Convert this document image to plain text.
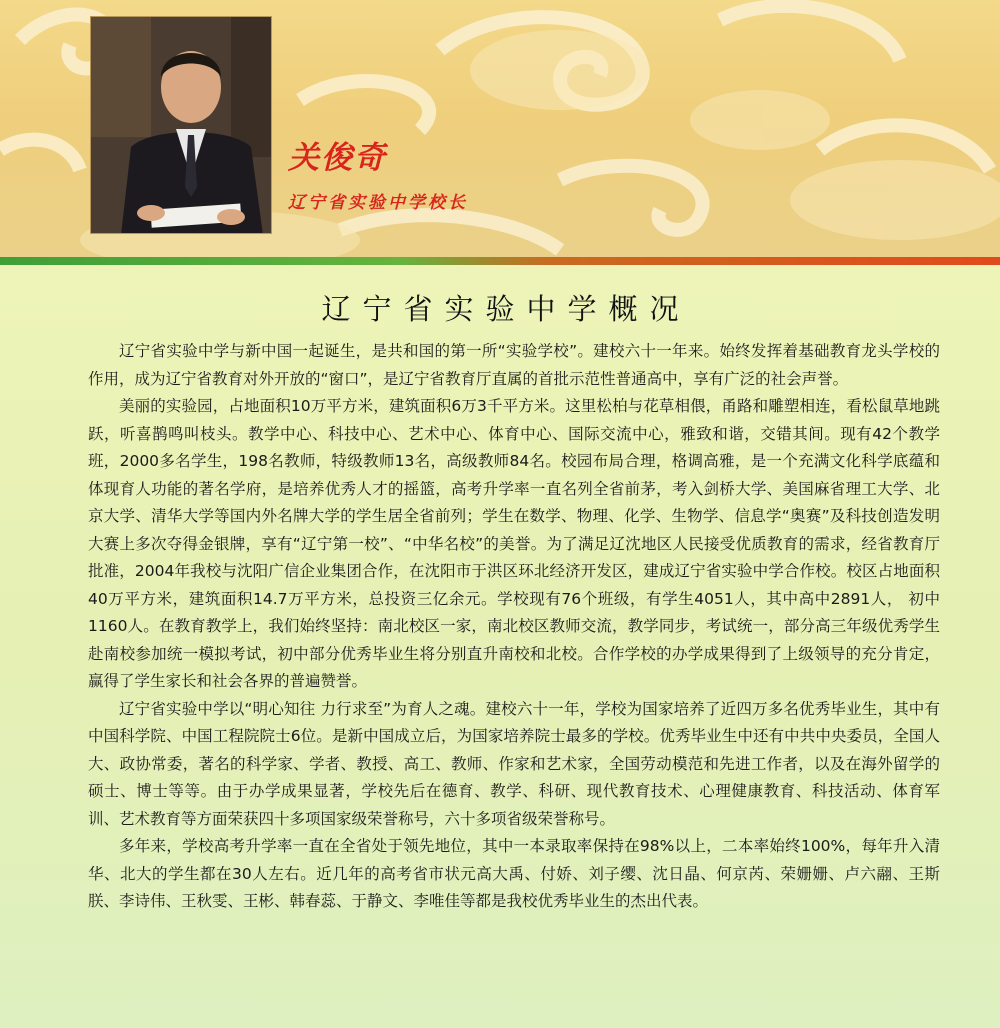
关俊奇
辽宁省实验中学校长
辽宁省实验中学概况

辽宁省实验中学与新中国一起诞生，是共和国的第一所“实验学校”。建校六十一年来。始终发挥着基础教育龙头学校的作用，成为辽宁省教育对外开放的“窗口”，是辽宁省教育厅直属的首批示范性普通高中，享有广泛的社会声誉。

美丽的实验园，占地面积10万平方米，建筑面积6万3千平方米。这里松柏与花草相偎，甬路和雕塑相连，看松鼠草地跳跃，听喜鹊鸣叫枝头。教学中心、科技中心、艺术中心、体育中心、国际交流中心，雅致和谐，交错其间。现有42个教学班，2000多名学生，198名教师，特级教师13名，高级教师84名。校园布局合理，格调高雅，是一个充满文化科学底蕴和体现育人功能的著名学府，是培养优秀人才的摇篮，高考升学率一直名列全省前茅，考入剑桥大学、美国麻省理工大学、北京大学、清华大学等国内外名牌大学的学生居全省前列；学生在数学、物理、化学、生物学、信息学“奥赛”及科技创造发明大赛上多次夺得金银牌，享有“辽宁第一校”、“中华名校”的美誉。为了满足辽沈地区人民接受优质教育的需求，经省教育厅批准，2004年我校与沈阳广信企业集团合作，在沈阳市于洪区环北经济开发区，建成辽宁省实验中学合作校。校区占地面积40万平方米，建筑面积14.7万平方米，总投资三亿余元。学校现有76个班级，有学生4051人，其中高中2891人， 初中1160人。在教育教学上，我们始终坚持：南北校区一家，南北校区教师交流，教学同步，考试统一，部分高三年级优秀学生赴南校参加统一模拟考试，初中部分优秀毕业生将分别直升南校和北校。合作学校的办学成果得到了上级领导的充分肯定，赢得了学生家长和社会各界的普遍赞誉。

辽宁省实验中学以“明心知往 力行求至”为育人之魂。建校六十一年，学校为国家培养了近四万多名优秀毕业生，其中有中国科学院、中国工程院院士6位。是新中国成立后，为国家培养院士最多的学校。优秀毕业生中还有中共中央委员，全国人大、政协常委，著名的科学家、学者、教授、高工、教师、作家和艺术家，全国劳动模范和先进工作者，以及在海外留学的硕士、博士等等。由于办学成果显著，学校先后在德育、教学、科研、现代教育技术、心理健康教育、科技活动、体育军训、艺术教育等方面荣获四十多项国家级荣誉称号，六十多项省级荣誉称号。

多年来，学校高考升学率一直在全省处于领先地位，其中一本录取率保持在98%以上，二本率始终100%，每年升入清华、北大的学生都在30人左右。近几年的高考省市状元高大禹、付娇、刘子缨、沈日晶、何京芮、荣姗姗、卢六翮、王斯朕、李诗伟、王秋雯、王彬、韩春蕊、于静文、李唯佳等都是我校优秀毕业生的杰出代表。
